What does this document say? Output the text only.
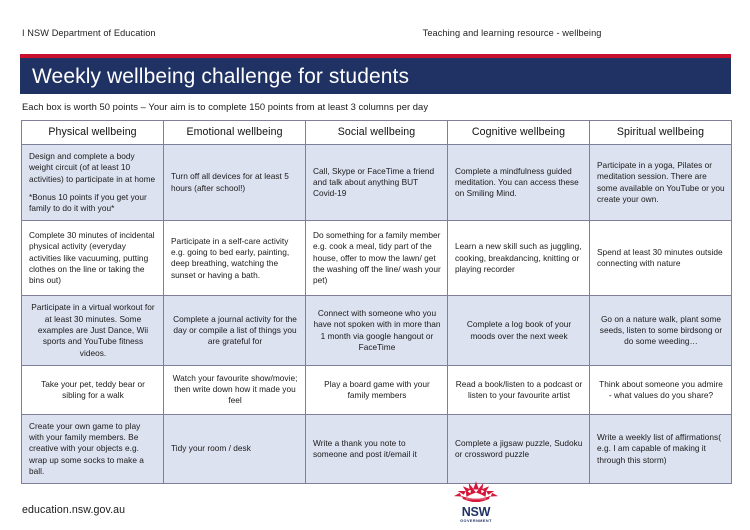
I NSW Department of Education	Teaching and learning resource - wellbeing
Weekly wellbeing challenge for students
Each box is worth 50 points – Your aim is to complete 150 points from at least 3 columns per day
Physical wellbeing	Emotional wellbeing	Social wellbeing	Cognitive wellbeing	Spiritual wellbeing

Design and complete a body weight circuit (of at least 10 activities) to participate in at home

*Bonus 10 points if you get your family to do it with you*	Turn off all devices for at least 5 hours (after school!)	Call, Skype or FaceTime a friend and talk about anything BUT Covid-19	Complete a mindfulness guided meditation. You can access these on Smiling Mind.	Participate in a yoga, Pilates or meditation session. There are some available on YouTube or you create your own.

Complete 30 minutes of incidental physical activity (everyday activities like vacuuming, putting clothes on the line or taking the bins out)	Participate in a self-care activity e.g. going to bed early, painting, deep breathing, watching the sunset or having a bath.	Do something for a family member e.g. cook a meal, tidy part of the house, offer to mow the lawn/ get the washing off the line/ wash your pet)	Learn a new skill such as juggling, cooking, breakdancing, knitting or playing recorder	Spend at least 30 minutes outside connecting with nature

Participate in a virtual workout for at least 30 minutes. Some examples are Just Dance, Wii sports and YouTube fitness videos.	Complete a journal activity for the day or compile a list of things you are grateful for	Connect with someone who you have not spoken with in more than 1 month via google hangout or FaceTime	Complete a log book of your moods over the next week	Go on a nature walk, plant some seeds, listen to some birdsong or do some weeding…

Take your pet, teddy bear or sibling for a walk	Watch your favourite show/movie; then write down how it made you feel	Play a board game with your family members	Read a book/listen to a podcast or listen to your favourite artist	Think about someone you admire - what values do you share?

Create your own game to play with your family members. Be creative with your objects e.g. wrap up some socks to make a ball.	Tidy your room / desk	Write a thank you note to someone and post it/email it	Complete a jigsaw puzzle, Sudoku or crossword puzzle	Write a weekly list of affirmations( e.g. I am capable of making it through this storm)

education.nsw.gov.au	NSW
GOVERNMENT
